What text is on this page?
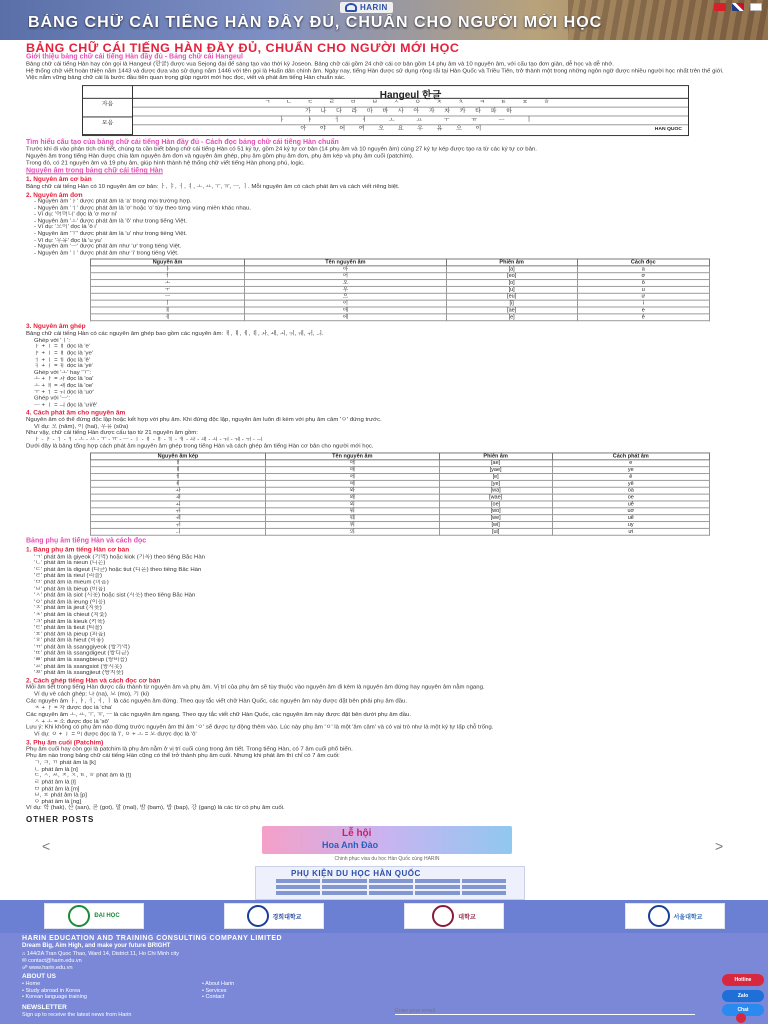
HARIN
BẢNG CHỮ CÁI TIẾNG HÀN ĐẦY ĐỦ, CHUẨN CHO NGƯỜI MỚI HỌC
BẢNG CHỮ CÁI TIẾNG HÀN ĐẦY ĐỦ, CHUẨN CHO NGƯỜI MỚI HỌC
Giới thiệu bảng chữ cái tiếng Hàn đầy đủ - Bảng chữ cái Hangeul
Bảng chữ cái tiếng Hàn hay còn gọi là Hangeul (한글) được vua Sejong đại đế sáng tạo vào thời kỳ Joseon. Bảng chữ cái gồm 24 chữ cái cơ bản gồm 14 phụ âm và 10 nguyên âm, với cấu tạo đơn giản, dễ học và dễ nhớ.
Hệ thống chữ viết hoàn thiện năm 1443 và được đưa vào sử dụng năm 1446 với tên gọi là Huấn dân chính âm. Ngày nay, tiếng Hàn được sử dụng rộng rãi tại Hàn Quốc và Triều Tiên, trở thành một trong những ngôn ngữ được nhiều người học nhất trên thế giới.
Việc nắm vững bảng chữ cái là bước đầu tiên quan trọng giúp người mới học đọc, viết và phát âm tiếng Hàn chuẩn xác.
자음
모음
Hangeul 한글
ㄱ ㄴ ㄷ ㄹ ㅁ ㅂ ㅅ ㅇ ㅈ ㅊ ㅋ ㅌ ㅍ ㅎ
가 나 다 라 마 바 사 아 자 차 카 타 파 하
ㅏ ㅑ ㅓ ㅕ ㅗ ㅛ ㅜ ㅠ ㅡ ㅣ
아 야 어 여 오 요 우 유 으 이	HAN QUOC
Tìm hiểu cấu tạo của bảng chữ cái tiếng Hàn đầy đủ - Cách đọc bảng chữ cái tiếng Hàn chuẩn
Trước khi đi vào phân tích chi tiết, chúng ta cần biết bảng chữ cái tiếng Hàn có 51 ký tự, gồm 24 ký tự cơ bản (14 phụ âm và 10 nguyên âm) cùng 27 ký tự kép được tạo ra từ các ký tự cơ bản.
Nguyên âm trong tiếng Hàn được chia làm nguyên âm đơn và nguyên âm ghép, phụ âm gồm phụ âm đơn, phụ âm kép và phụ âm cuối (patchim).
Trong đó, có 21 nguyên âm và 19 phụ âm, giúp hình thành hệ thống chữ viết tiếng Hàn phong phú, logic.
Nguyên âm trong bảng chữ cái tiếng Hàn
1. Nguyên âm cơ bản
Bảng chữ cái tiếng Hàn có 10 nguyên âm cơ bản: ㅏ, ㅑ, ㅓ, ㅕ, ㅗ, ㅛ, ㅜ, ㅠ, ㅡ, ㅣ. Mỗi nguyên âm có cách phát âm và cách viết riêng biệt.
2. Nguyên âm đơn
- Nguyên âm 'ㅏ' được phát âm là 'a' trong mọi trường hợp.
- Nguyên âm 'ㅓ' được phát âm là 'ơ' hoặc 'o' tùy theo từng vùng miền khác nhau.
- Ví dụ: '어머니' đọc là 'ơ mơ ni'
- Nguyên âm 'ㅗ' được phát âm là 'ô' như trong tiếng Việt.
- Ví dụ: '오이' đọc là 'ô i'
- Nguyên âm 'ㅜ' được phát âm là 'u' như trong tiếng Việt.
- Ví dụ: '우유' đọc là 'u yu'
- Nguyên âm 'ㅡ' được phát âm như 'ư' trong tiếng Việt.
- Nguyên âm 'ㅣ' được phát âm như 'i' trong tiếng Việt.
Nguyên âm	Tên nguyên âm	Phiên âm	Cách đọc
ㅏ	아	[a]	a
ㅓ	어	[eo]	ơ
ㅗ	오	[o]	ô
ㅜ	우	[u]	u
ㅡ	으	[eu]	ư
ㅣ	이	[i]	i
ㅐ	애	[ae]	e
ㅔ	에	[e]	ê
3. Nguyên âm ghép
Bảng chữ cái tiếng Hàn có các nguyên âm ghép bao gồm các nguyên âm: ㅐ, ㅒ, ㅔ, ㅖ, ㅘ, ㅙ, ㅚ, ㅝ, ㅞ, ㅟ, ㅢ.
Ghép với 'ㅣ':
ㅏ + ㅣ = ㅐ đọc là 'e'
ㅑ + ㅣ = ㅒ đọc là 'ye'
ㅓ + ㅣ = ㅔ đọc là 'ê'
ㅕ + ㅣ = ㅖ đọc là 'yê'
Ghép với 'ㅗ' hay 'ㅜ':
ㅗ + ㅏ = ㅘ đọc là 'oa'
ㅗ + ㅐ = ㅙ đọc là 'oe'
ㅜ + ㅓ = ㅝ đọc là 'uơ'
Ghép với 'ㅡ':
ㅡ + ㅣ = ㅢ đọc là 'ưi/ê'
4. Cách phát âm cho nguyên âm
Nguyên âm có thể đứng độc lập hoặc kết hợp với phụ âm. Khi đứng độc lập, nguyên âm luôn đi kèm với phụ âm câm 'ㅇ' đứng trước.
Ví dụ: 오 (năm), 이 (hai), 우유 (sữa)
Như vậy, chữ cái tiếng Hàn được cấu tạo từ 21 nguyên âm gồm:
ㅏ - ㅑ - ㅓ - ㅕ - ㅗ - ㅛ - ㅜ - ㅠ - ㅡ - ㅣ - ㅐ - ㅒ - ㅔ - ㅖ - ㅘ - ㅙ - ㅚ - ㅝ - ㅞ - ㅟ - ㅢ
Dưới đây là bảng tổng hợp cách phát âm nguyên âm ghép trong tiếng Hàn và cách ghép âm tiếng Hàn cơ bản cho người mới học.
Nguyên âm kép	Tên nguyên âm	Phiên âm	Cách phát âm
ㅐ	애	[ae]	e
ㅒ	얘	[yae]	ye
ㅔ	에	[e]	ê
ㅖ	예	[ye]	yê
ㅘ	와	[wa]	oa
ㅙ	왜	[wae]	oe
ㅚ	외	[oe]	uê
ㅝ	워	[wo]	uơ
ㅞ	웨	[we]	uê
ㅟ	위	[wi]	uy
ㅢ	의	[ui]	ưi
Bảng phụ âm tiếng Hàn và cách đọc
1. Bảng phụ âm tiếng Hàn cơ bản
'ㄱ' phát âm là giyeok (기역) hoặc kiok (기옥) theo tiếng Bắc Hàn
'ㄴ' phát âm là nieun (니은)
'ㄷ' phát âm là digeut (디귿) hoặc tiut (디읃) theo tiếng Bắc Hàn
'ㄹ' phát âm là rieul (리을)
'ㅁ' phát âm là mieum (미음)
'ㅂ' phát âm là bieup (비읍)
'ㅅ' phát âm là siot (시옷) hoặc sist (시읏) theo tiếng Bắc Hàn
'ㅇ' phát âm là ieung (이응)
'ㅈ' phát âm là jieut (지읒)
'ㅊ' phát âm là chieut (치읓)
'ㅋ' phát âm là kieuk (키읔)
'ㅌ' phát âm là tieut (티읕)
'ㅍ' phát âm là pieup (피읖)
'ㅎ' phát âm là hieut (히읗)
'ㄲ' phát âm là ssanggiyeok (쌍기역)
'ㄸ' phát âm là ssangdigeut (쌍디귿)
'ㅃ' phát âm là ssangbieup (쌍비읍)
'ㅆ' phát âm là ssangsiot (쌍시옷)
'ㅉ' phát âm là ssangjieut (쌍지읒)
2. Cách ghép tiếng Hàn và cách đọc cơ bản
Mỗi âm tiết trong tiếng Hàn được cấu thành từ nguyên âm và phụ âm. Vị trí của phụ âm sẽ tùy thuộc vào nguyên âm đi kèm là nguyên âm đứng hay nguyên âm nằm ngang.
Ví dụ về cách ghép: 나 (na), 모 (mo), 기 (ki)
Các nguyên âm ㅏ, ㅑ, ㅓ, ㅕ, ㅣ là các nguyên âm đứng. Theo quy tắc viết chữ Hàn Quốc, các nguyên âm này được đặt bên phải phụ âm đầu.
ㅊ + ㅏ = 차 được đọc là 'cha'
Các nguyên âm ㅗ, ㅛ, ㅜ, ㅠ, ㅡ là các nguyên âm ngang. Theo quy tắc viết chữ Hàn Quốc, các nguyên âm này được đặt bên dưới phụ âm đầu.
ㅅ + ㅗ = 소 được đọc là 'sô'
Lưu ý: Khi không có phụ âm nào đứng trước nguyên âm thì âm 'ㅇ' sẽ được tự động thêm vào. Lúc này phụ âm 'ㅇ' là một 'âm câm' và có vai trò như là một ký tự lấp chỗ trống.
Ví dụ: ㅇ + ㅣ = 이 được đọc là 'i', ㅇ + ㅗ = 오 được đọc là 'ô'
3. Phụ âm cuối (Patchim)
Phụ âm cuối hay còn gọi là patchim là phụ âm nằm ở vị trí cuối cùng trong âm tiết. Trong tiếng Hàn, có 7 âm cuối phổ biến.
Phụ âm nào trong bảng chữ cái tiếng Hàn cũng có thể trở thành phụ âm cuối. Nhưng khi phát âm thì chỉ có 7 âm cuối:
ㄱ, ㅋ, ㄲ phát âm là [k]
ㄴ phát âm là [n]
ㄷ, ㅅ, ㅆ, ㅈ, ㅊ, ㅌ, ㅎ phát âm là [t]
ㄹ phát âm là [l]
ㅁ phát âm là [m]
ㅂ, ㅍ phát âm là [p]
ㅇ phát âm là [ng]
Ví dụ: 학 (hak), 산 (san), 곧 (got), 말 (mal), 밤 (bam), 밥 (bap), 강 (gang) là các từ có phụ âm cuối.
OTHER POSTS
<	>
Lễ hội
Hoa Anh Đào
Chinh phục visa du học Hàn Quốc cùng HARIN
PHỤ KIỆN DU HỌC HÀN QUỐC
ĐẠI HỌC	경희대학교	대학교	서울대학교
HARIN EDUCATION AND TRAINING CONSULTING COMPANY LIMITED
Dream Big, Aim High, and make your future BRIGHT
⌂ 144/2A Tran Quoc Thao, Ward 14, District 11, Ho Chi Minh city
✉ contact@harin.edu.vn
☍ www.harin.edu.vn
ABOUT US
• Home	• About Harin
• Study abroad in Korea	• Services
• Korean language training	• Contact
NEWSLETTER
Sign up to receive the latest news from Harin
Enter your email
Hotline
Zalo
Chat
